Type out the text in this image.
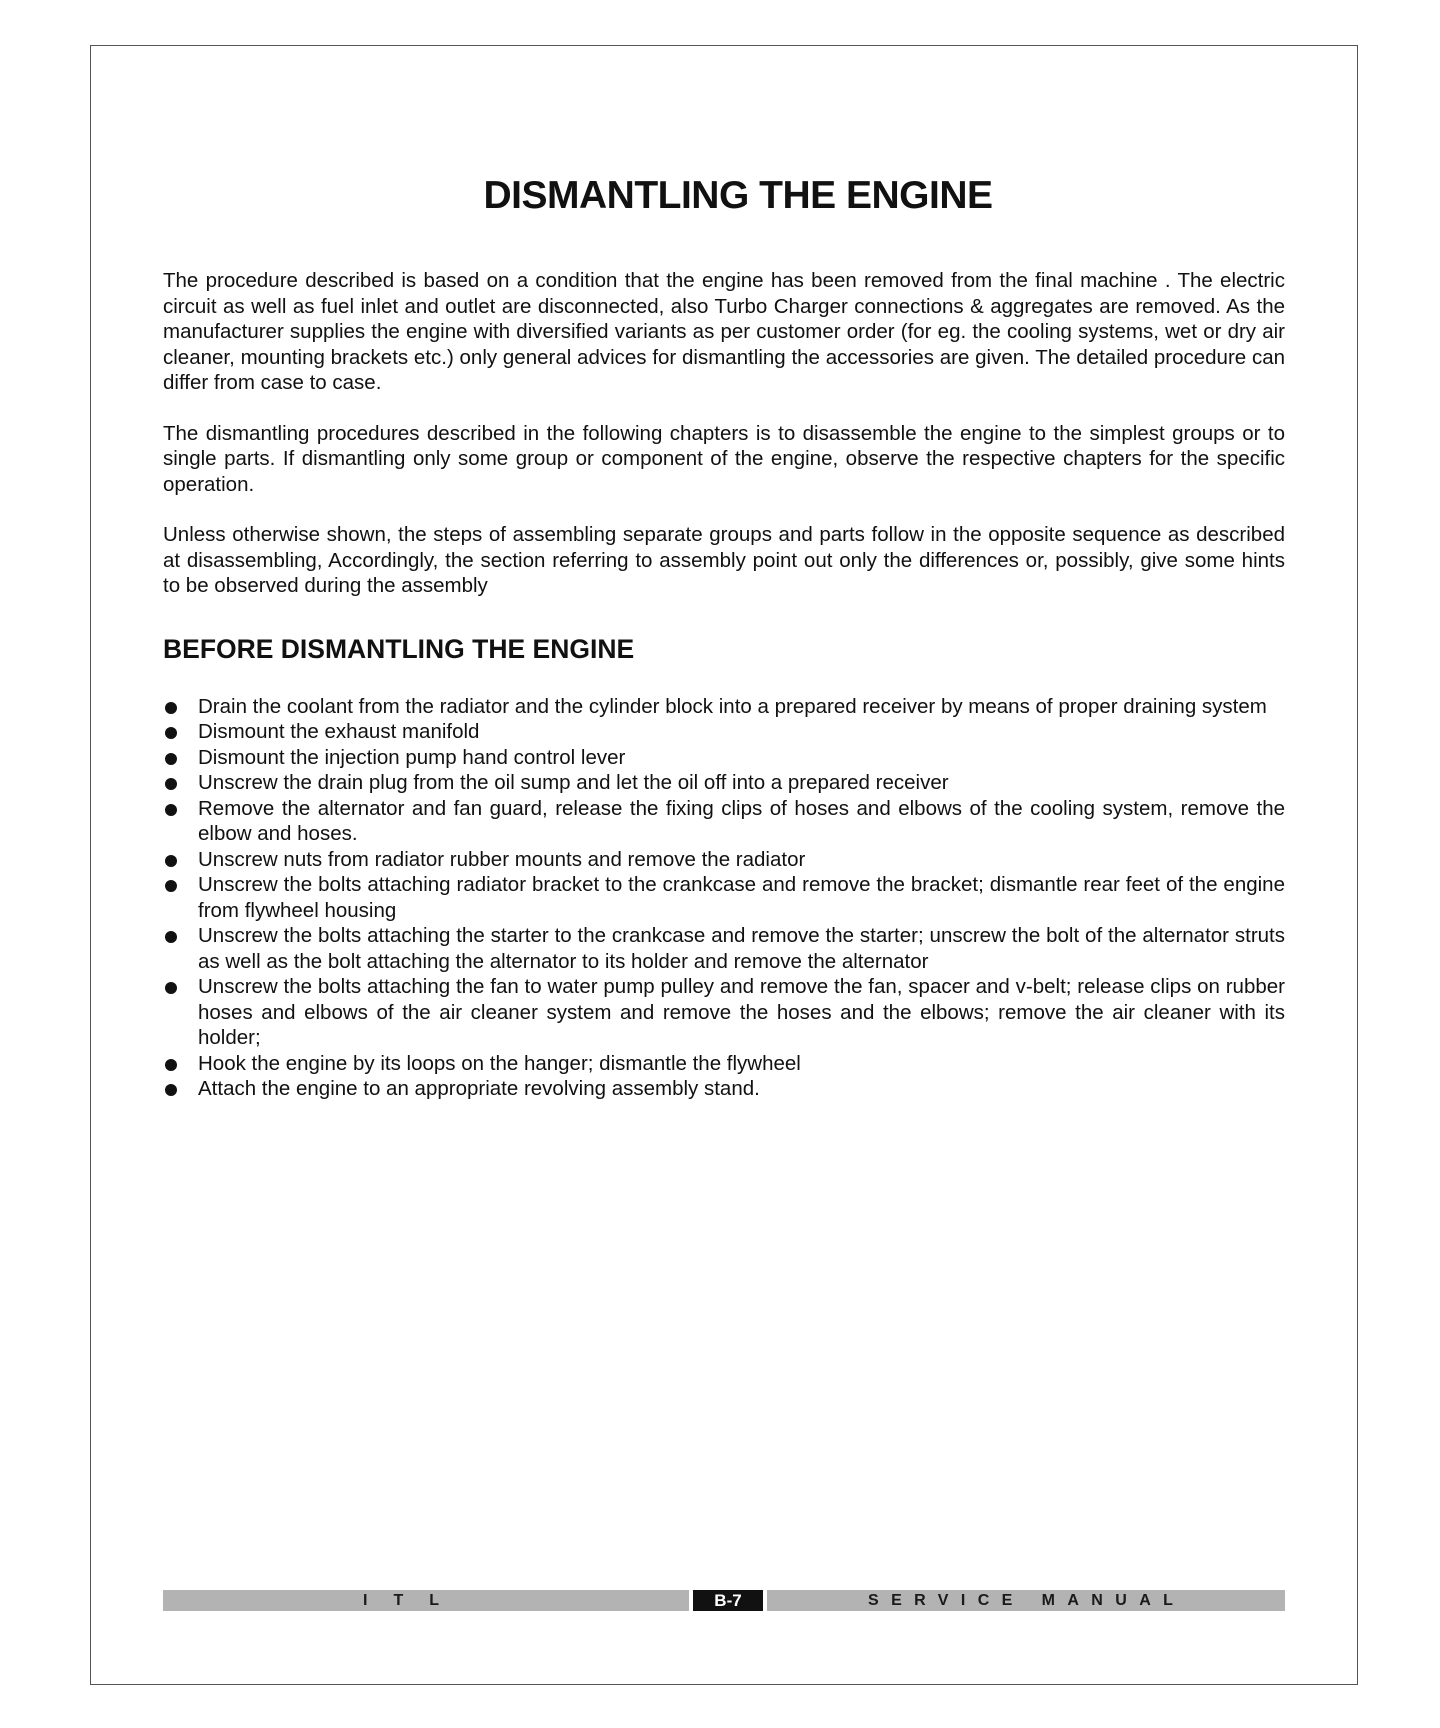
DISMANTLING THE ENGINE

The procedure described is based on a condition that the engine has been removed from the final machine . The electric circuit as well as fuel inlet and outlet are disconnected, also Turbo Charger connections & aggregates are removed. As the manufacturer supplies the engine with diversified variants as per customer order (for eg. the cooling systems, wet or dry air cleaner, mounting brackets etc.) only general advices for dismantling the accessories are given. The detailed procedure can differ from case to case.

The dismantling procedures described in the following chapters is to disassemble the engine to the simplest groups or to single parts. If dismantling only some group or component of the engine, observe the respective chapters for the specific operation.

Unless otherwise shown, the steps of assembling separate groups and parts follow in the opposite sequence as described at disassembling, Accordingly, the section referring to assembly point out only the differences or, possibly, give some hints to be observed during the assembly

BEFORE DISMANTLING THE ENGINE
Drain the coolant from the radiator and the cylinder block into a prepared receiver by means of proper draining system
Dismount the exhaust manifold
Dismount the injection pump hand control lever
Unscrew the drain plug from the oil sump and let the oil off into a prepared receiver
Remove the alternator and fan guard, release the fixing clips of hoses and elbows of the cooling system, remove the elbow and hoses.
Unscrew nuts from radiator rubber mounts and remove the radiator
Unscrew the bolts attaching radiator bracket to the crankcase and remove the bracket; dismantle rear feet of the engine from flywheel housing
Unscrew the bolts attaching the starter to the crankcase and remove the starter; unscrew the bolt of the alternator struts as well as the bolt attaching the alternator to its holder and remove the alternator
Unscrew the bolts attaching the fan to water pump pulley and remove the fan, spacer and v-belt; release clips on rubber hoses and elbows of the air cleaner system and remove the hoses and the elbows; remove the air cleaner with its holder;
Hook the engine by its loops on the hanger; dismantle the flywheel
Attach the engine to an appropriate revolving assembly stand.
ITL	B-7	SERVICE MANUAL
